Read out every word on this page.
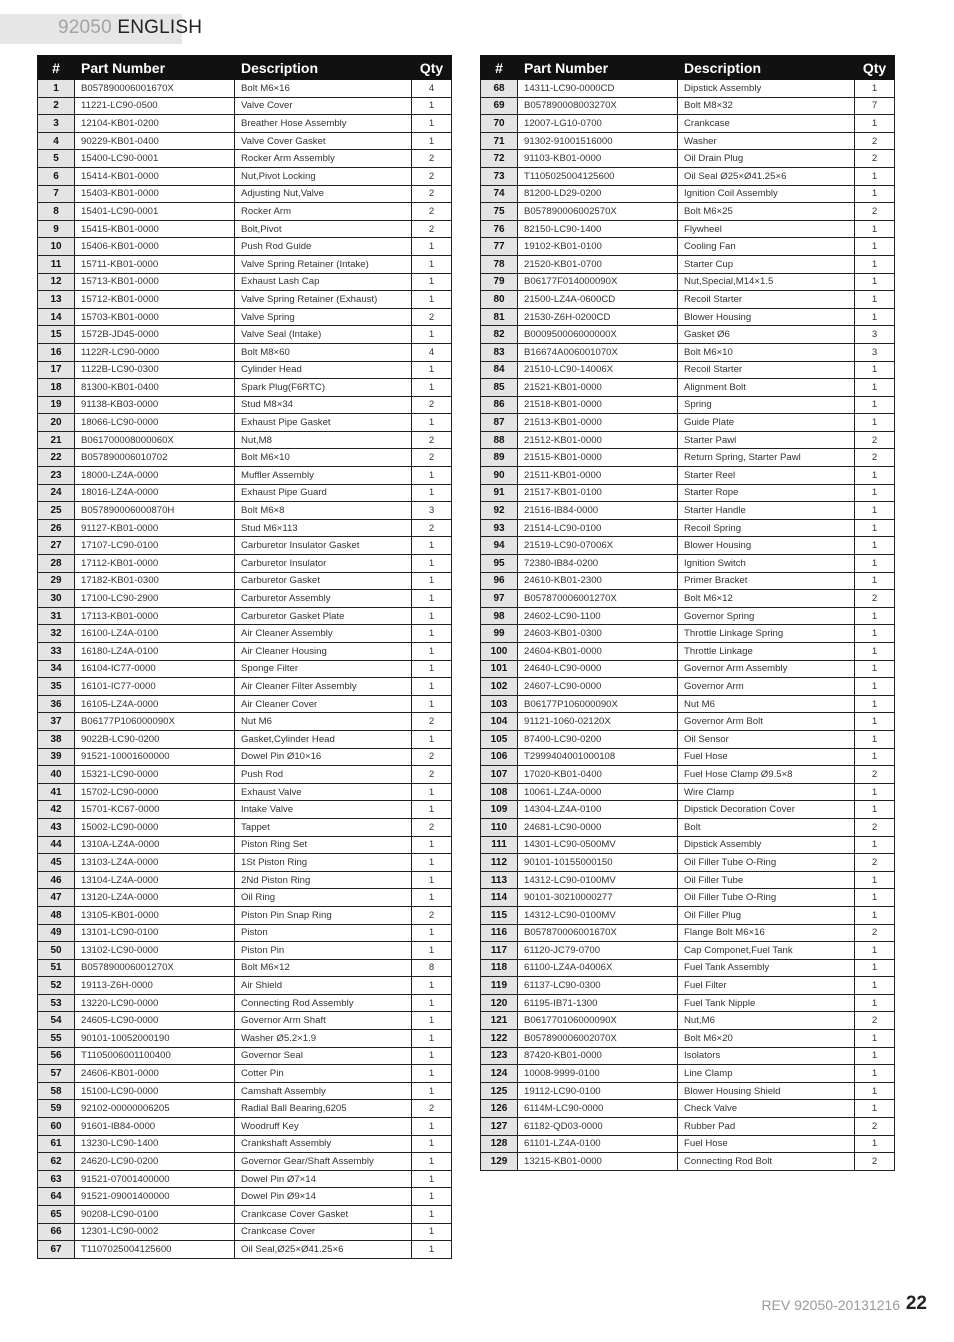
92050 ENGLISH
#	Part Number	Description	Qty
1	B057890006001670X	Bolt M6×16	4
2	11221-LC90-0500	Valve Cover	1
3	12104-KB01-0200	Breather Hose Assembly	1
4	90229-KB01-0400	Valve Cover Gasket	1
5	15400-LC90-0001	Rocker Arm Assembly	2
6	15414-KB01-0000	Nut,Pivot Locking	2
7	15403-KB01-0000	Adjusting Nut,Valve	2
8	15401-LC90-0001	Rocker Arm	2
9	15415-KB01-0000	Bolt,Pivot	2
10	15406-KB01-0000	Push Rod Guide	1
11	15711-KB01-0000	Valve Spring Retainer (Intake)	1
12	15713-KB01-0000	Exhaust Lash Cap	1
13	15712-KB01-0000	Valve Spring Retainer (Exhaust)	1
14	15703-KB01-0000	Valve Spring	2
15	1572B-JD45-0000	Valve Seal (Intake)	1
16	1122R-LC90-0000	Bolt M8×60	4
17	1122B-LC90-0300	Cylinder Head	1
18	81300-KB01-0400	Spark Plug(F6RTC)	1
19	91138-KB03-0000	Stud M8×34	2
20	18066-LC90-0000	Exhaust Pipe Gasket	1
21	B061700008000060X	Nut,M8	2
22	B057890006010702	Bolt M6×10	2
23	18000-LZ4A-0000	Muffler Assembly	1
24	18016-LZ4A-0000	Exhaust Pipe Guard	1
25	B057890006000870H	Bolt M6×8	3
26	91127-KB01-0000	Stud M6×113	2
27	17107-LC90-0100	Carburetor Insulator Gasket	1
28	17112-KB01-0000	Carburetor Insulator	1
29	17182-KB01-0300	Carburetor Gasket	1
30	17100-LC90-2900	Carburetor Assembly	1
31	17113-KB01-0000	Carburetor Gasket Plate	1
32	16100-LZ4A-0100	Air Cleaner Assembly	1
33	16180-LZ4A-0100	Air Cleaner Housing	1
34	16104-IC77-0000	Sponge Filter	1
35	16101-IC77-0000	Air Cleaner Filter Assembly	1
36	16105-LZ4A-0000	Air Cleaner Cover	1
37	B06177P106000090X	Nut M6	2
38	9022B-LC90-0200	Gasket,Cylinder Head	1
39	91521-10001600000	Dowel Pin Ø10×16	2
40	15321-LC90-0000	Push Rod	2
41	15702-LC90-0000	Exhaust Valve	1
42	15701-KC67-0000	Intake Valve	1
43	15002-LC90-0000	Tappet	2
44	1310A-LZ4A-0000	Piston Ring Set	1
45	13103-LZ4A-0000	1St Piston Ring	1
46	13104-LZ4A-0000	2Nd Piston Ring	1
47	13120-LZ4A-0000	Oil Ring	1
48	13105-KB01-0000	Piston Pin Snap Ring	2
49	13101-LC90-0100	Piston	1
50	13102-LC90-0000	Piston Pin	1
51	B057890006001270X	Bolt M6×12	8
52	19113-Z6H-0000	Air Shield	1
53	13220-LC90-0000	Connecting Rod Assembly	1
54	24605-LC90-0000	Governor Arm Shaft	1
55	90101-10052000190	Washer Ø5.2×1.9	1
56	T1105006001100400	Governor Seal	1
57	24606-KB01-0000	Cotter Pin	1
58	15100-LC90-0000	Camshaft Assembly	1
59	92102-00000006205	Radial Ball Bearing,6205	2
60	91601-IB84-0000	Woodruff Key	1
61	13230-LC90-1400	Crankshaft Assembly	1
62	24620-LC90-0200	Governor Gear/Shaft Assembly	1
63	91521-07001400000	Dowel Pin Ø7×14	1
64	91521-09001400000	Dowel Pin Ø9×14	1
65	90208-LC90-0100	Crankcase Cover Gasket	1
66	12301-LC90-0002	Crankcase Cover	1
67	T1107025004125600	Oil Seal,Ø25×Ø41.25×6	1
#	Part Number	Description	Qty
68	14311-LC90-0000CD	Dipstick Assembly	1
69	B057890008003270X	Bolt M8×32	7
70	12007-LG10-0700	Crankcase	1
71	91302-91001516000	Washer	2
72	91103-KB01-0000	Oil Drain Plug	2
73	T1105025004125600	Oil Seal Ø25×Ø41.25×6	1
74	81200-LD29-0200	Ignition Coil Assembly	1
75	B057890006002570X	Bolt M6×25	2
76	82150-LC90-1400	Flywheel	1
77	19102-KB01-0100	Cooling Fan	1
78	21520-KB01-0700	Starter Cup	1
79	B06177F014000090X	Nut,Special,M14×1.5	1
80	21500-LZ4A-0600CD	Recoil Starter	1
81	21530-Z6H-0200CD	Blower Housing	1
82	B000950006000000X	Gasket Ø6	3
83	B16674A006001070X	Bolt M6×10	3
84	21510-LC90-14006X	Recoil Starter	1
85	21521-KB01-0000	Alignment Bolt	1
86	21518-KB01-0000	Spring	1
87	21513-KB01-0000	Guide Plate	1
88	21512-KB01-0000	Starter Pawl	2
89	21515-KB01-0000	Return Spring, Starter Pawl	2
90	21511-KB01-0000	Starter Reel	1
91	21517-KB01-0100	Starter Rope	1
92	21516-IB84-0000	Starter Handle	1
93	21514-LC90-0100	Recoil Spring	1
94	21519-LC90-07006X	Blower Housing	1
95	72380-IB84-0200	Ignition Switch	1
96	24610-KB01-2300	Primer Bracket	1
97	B057870006001270X	Bolt M6×12	2
98	24602-LC90-1100	Governor Spring	1
99	24603-KB01-0300	Throttle Linkage Spring	1
100	24604-KB01-0000	Throttle Linkage	1
101	24640-LC90-0000	Governor Arm Assembly	1
102	24607-LC90-0000	Governor Arm	1
103	B06177P106000090X	Nut M6	1
104	91121-1060-02120X	Governor Arm Bolt	1
105	87400-LC90-0200	Oil Sensor	1
106	T2999404001000108	Fuel Hose	1
107	17020-KB01-0400	Fuel Hose Clamp Ø9.5×8	2
108	10061-LZ4A-0000	Wire Clamp	1
109	14304-LZ4A-0100	Dipstick Decoration Cover	1
110	24681-LC90-0000	Bolt	2
111	14301-LC90-0500MV	Dipstick Assembly	1
112	90101-10155000150	Oil Filler Tube O-Ring	2
113	14312-LC90-0100MV	Oil Filler Tube	1
114	90101-30210000277	Oil Filler Tube O-Ring	1
115	14312-LC90-0100MV	Oil Filler Plug	1
116	B057870006001670X	Flange Bolt M6×16	2
117	61120-JC79-0700	Cap Componet,Fuel Tank	1
118	61100-LZ4A-04006X	Fuel Tank Assembly	1
119	61137-LC90-0300	Fuel Filter	1
120	61195-IB71-1300	Fuel Tank Nipple	1
121	B061770106000090X	Nut,M6	2
122	B057890006002070X	Bolt M6×20	1
123	87420-KB01-0000	Isolators	1
124	10008-9999-0100	Line Clamp	1
125	19112-LC90-0100	Blower Housing Shield	1
126	6114M-LC90-0000	Check Valve	1
127	61182-QD03-0000	Rubber Pad	2
128	61101-LZ4A-0100	Fuel Hose	1
129	13215-KB01-0000	Connecting Rod Bolt	2
REV 92050-20131216 22
